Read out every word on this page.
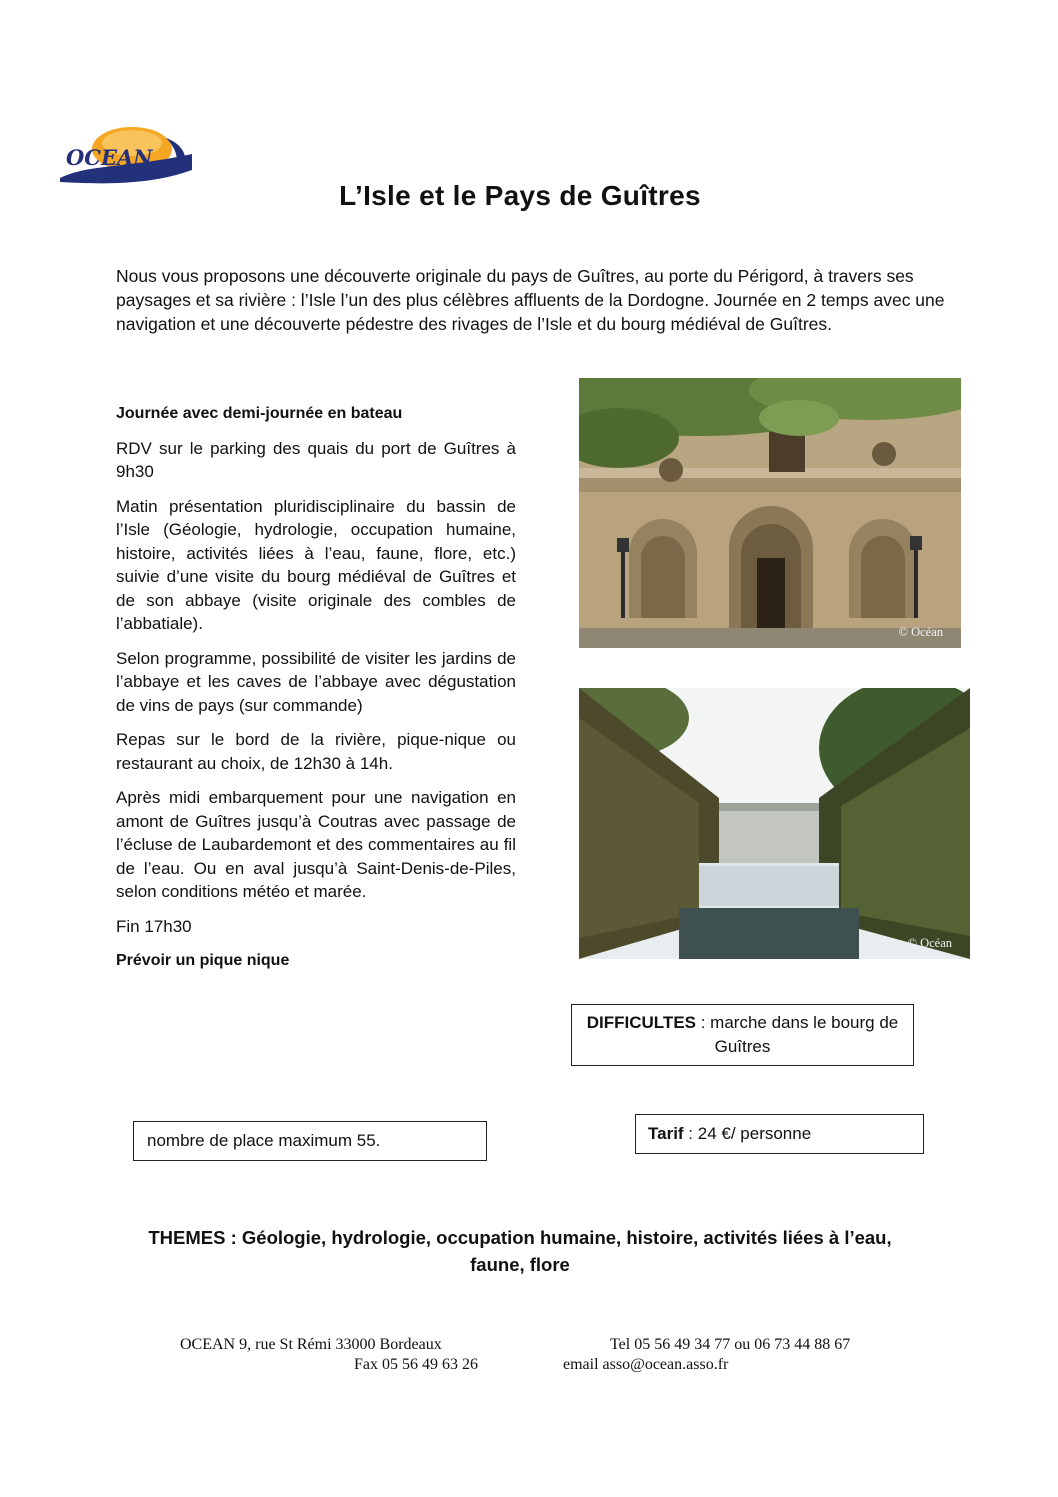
OCEAN
L’Isle et le Pays de Guîtres

Nous vous proposons une découverte originale du pays de Guîtres, au porte du Périgord, à travers ses paysages et sa rivière : l’Isle l’un des plus célèbres affluents de la Dordogne. Journée en 2 temps avec une navigation et une découverte pédestre des rivages de l’Isle et du bourg médiéval de Guîtres.

Journée avec demi-journée en bateau

RDV sur le parking des quais du port de Guîtres à 9h30

Matin présentation pluridisciplinaire du bassin de l’Isle (Géologie, hydrologie, occupation humaine, histoire, activités liées à l’eau, faune, flore, etc.) suivie d’une visite du bourg médiéval de Guîtres et de son abbaye (visite originale des combles de l’abbatiale).

Selon programme, possibilité de visiter les jardins de l’abbaye et les caves de l’abbaye avec dégustation de vins de pays (sur commande)

Repas sur le bord de la rivière, pique-nique ou restaurant au choix, de 12h30 à 14h.

Après midi embarquement pour une navigation en amont de Guîtres jusqu’à Coutras avec passage de l’écluse de Laubardemont et des commentaires au fil de l’eau. Ou en aval jusqu’à Saint-Denis-de-Piles, selon conditions météo et marée.

Fin 17h30

Prévoir un pique nique

© Océan
© Océan
DIFFICULTES : marche dans le bourg de Guîtres
nombre de place maximum 55.	Tarif : 24 €/ personne
THEMES : Géologie, hydrologie, occupation humaine, histoire, activités liées à l’eau, faune, flore
OCEAN 9, rue St Rémi 33000 Bordeaux	Tel 05 56 49 34 77 ou 06 73 44 88 67
Fax 05 56 49 63 26	email asso@ocean.asso.fr
